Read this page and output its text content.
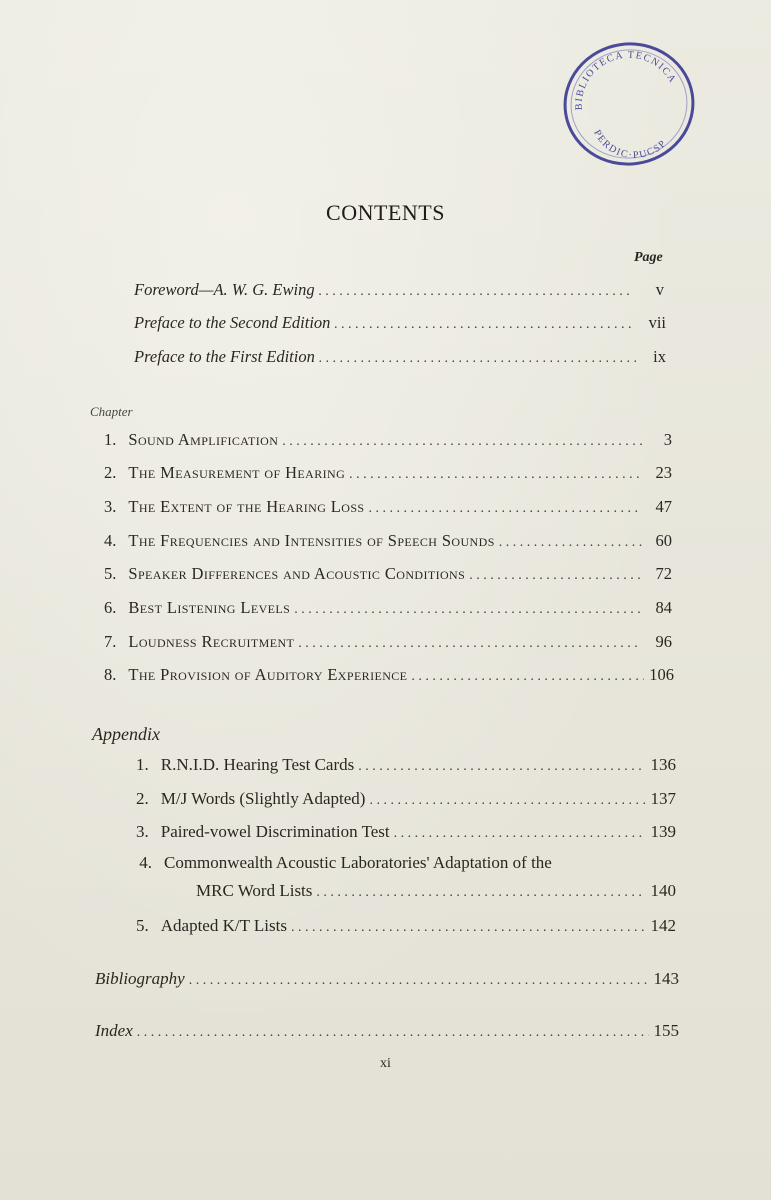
BIBLIOTECA TECNICA
PERDIC·PUCSP
CONTENTS
Page
Foreword—A. W. G. Ewing . . .	v
Preface to the Second Edition . . .	vii
Preface to the First Edition . . .	ix
Chapter
1. Sound Amplification . . .	3
2. The Measurement of Hearing . . .	23
3. The Extent of the Hearing Loss . . .	47
4. The Frequencies and Intensities of Speech Sounds . . .	60
5. Speaker Differences and Acoustic Conditions . . .	72
6. Best Listening Levels . . .	84
7. Loudness Recruitment . . .	96
8. The Provision of Auditory Experience . . .	106
Appendix
1. R.N.I.D. Hearing Test Cards . . .	136
2. M/J Words (Slightly Adapted) . . .	137
3. Paired-vowel Discrimination Test . . .	139
4. Commonwealth Acoustic Laboratories' Adaptation of the
MRC Word Lists . . .	140
5. Adapted K/T Lists . . .	142
Bibliography . . .	143
Index . . .	155
xi
